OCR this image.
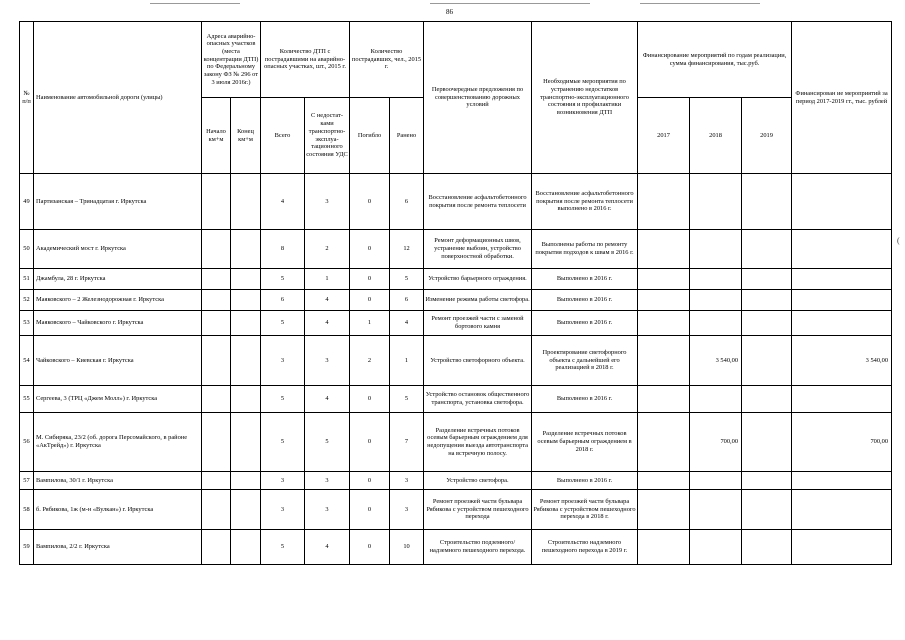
86
(
№ п/п	Наименование автомобильной дороги (улицы)	Адреса аварийно-опасных участков (места концентрации ДТП) по Федеральному закону ФЗ № 296 от 3 июля 2016г.)		Количество ДТП с пострадавшими на аварийно-опасных участках, шт., 2015 г.		Количество пострадавших, чел., 2015 г.		Первоочередные предложения по совершенствованию дорожных условий	Необходимые мероприятия по устранению недостатков транспортно-эксплуатационного состояния и профилактики возникновения ДТП	Финансирование мероприятий по годам реализации, сумма финансирования, тыс.руб.			Финансирован ие мероприятий за период 2017-2019 гг., тыс. рублей
		Начало км+м	Конец км+м	Всего	С недостат-ками транспортно-эксплуа-тационного состояния УДС	Погибло	Ранено			2017	2018	2019	
49	Партизанская – Тринадцатая г. Иркутска			4	3	0	6	Восстановление асфальтобетонного покрытия после ремонта теплосети	Восстановление асфальтобетонного покрытия после ремонта теплосети выполнено в 2016 г.				
50	Академический мост г. Иркутска			8	2	0	12	Ремонт деформационных швов, устранение выбоин, устройство поверхностной обработки.	Выполнены работы по ремонту покрытия подходов к швам в 2016 г.				
51	Джамбула, 28 г. Иркутска			5	1	0	5	Устройство барьерного ограждения.	Выполнено в 2016 г.				
52	Маяковского – 2 Железнодорожная г. Иркутска			6	4	0	6	Изменение режима работы светофора.	Выполнено в 2016 г.				
53	Маяковского – Чайковского г. Иркутска			5	4	1	4	Ремонт проезжей части с заменой бортового камня	Выполнено в 2016 г.				
54	Чайковского – Киевская г. Иркутска			3	3	2	1	Устройство светофорного объекта.	Проектирование светофорного объекта с дальнейшей его реализацией в 2018 г.		3 540,00		3 540,00
55	Сергеева, 3 (ТРЦ «Джем Молл») г. Иркутска			5	4	0	5	Устройство остановок общественного транспорта, установка светофора.	Выполнено в 2016 г.				
56	М. Сибиряка, 23/2 (об. дорога Персомайского, в районе «АкТрейд») г. Иркутска			5	5	0	7	Разделение встречных потоков осевым барьерным ограждением для недопущения выезда автотранспорта на встречную полосу.	Разделение встречных потоков осевым барьерным ограждением в 2018 г.		700,00		700,00
57	Вампилова, 30/1 г. Иркутска			3	3	0	3	Устройство светофора.	Выполнено в 2016 г.				
58	б. Рябикова, 1ж (м-н «Вулкан») г. Иркутска			3	3	0	3	Ремонт проезжей части бульвара Рябикова с устройством пешеходного перехода	Ремонт проезжей части бульвара Рябикова с устройством пешеходного перехода в 2018 г.				
59	Вампилова, 2/2 г. Иркутска			5	4	0	10	Строительство подземного/надземного пешеходного перехода.	Строительство надземного пешеходного перехода в 2019 г.				
